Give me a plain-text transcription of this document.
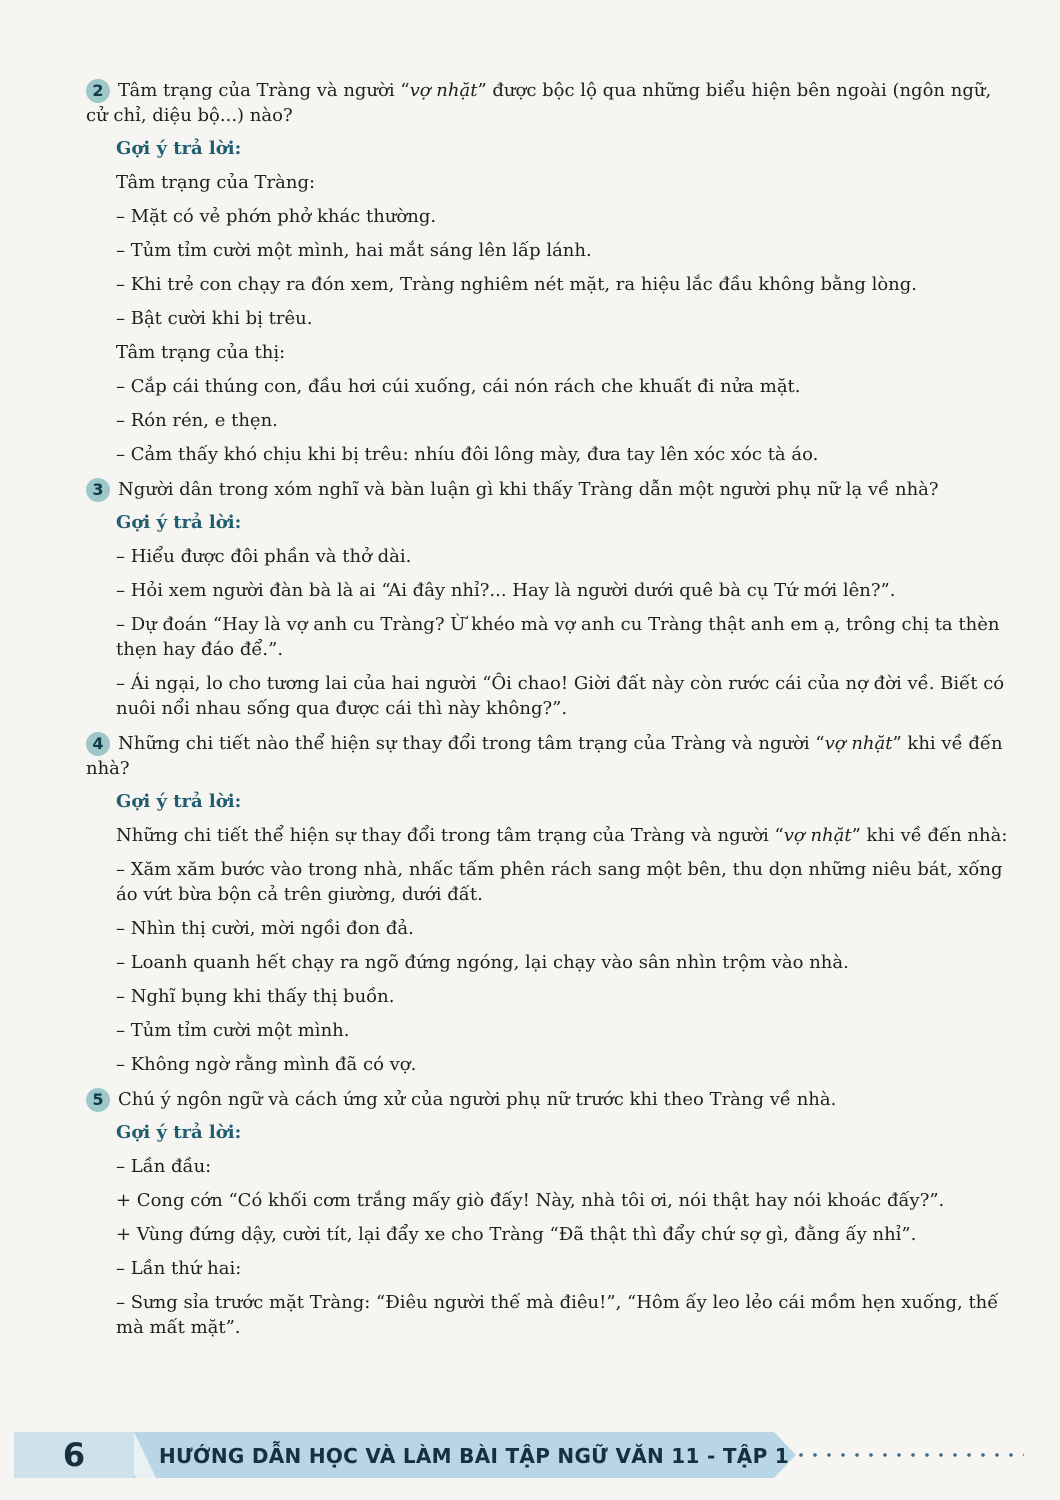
2 Tâm trạng của Tràng và người “vợ nhặt” được bộc lộ qua những biểu hiện bên ngoài (ngôn ngữ, cử chỉ, diệu bộ...) nào?
Gợi ý trả lời:
Tâm trạng của Tràng:
– Mặt có vẻ phớn phở khác thường.
– Tủm tỉm cười một mình, hai mắt sáng lên lấp lánh.
– Khi trẻ con chạy ra đón xem, Tràng nghiêm nét mặt, ra hiệu lắc đầu không bằng lòng.
– Bật cười khi bị trêu.
Tâm trạng của thị:
– Cắp cái thúng con, đầu hơi cúi xuống, cái nón rách che khuất đi nửa mặt.
– Rón rén, e thẹn.
– Cảm thấy khó chịu khi bị trêu: nhíu đôi lông mày, đưa tay lên xóc xóc tà áo.
3 Người dân trong xóm nghĩ và bàn luận gì khi thấy Tràng dẫn một người phụ nữ lạ về nhà?
Gợi ý trả lời:
– Hiểu được đôi phần và thở dài.
– Hỏi xem người đàn bà là ai “Ai đây nhỉ?... Hay là người dưới quê bà cụ Tứ mới lên?”.
– Dự đoán “Hay là vợ anh cu Tràng? Ừ khéo mà vợ anh cu Tràng thật anh em ạ, trông chị ta thèn thẹn hay đáo để.”.
– Ái ngại, lo cho tương lai của hai người “Ôi chao! Giời đất này còn rước cái của nợ đời về. Biết có nuôi nổi nhau sống qua được cái thì này không?”.
4 Những chi tiết nào thể hiện sự thay đổi trong tâm trạng của Tràng và người “vợ nhặt” khi về đến nhà?
Gợi ý trả lời:
Những chi tiết thể hiện sự thay đổi trong tâm trạng của Tràng và người “vợ nhặt” khi về đến nhà:
– Xăm xăm bước vào trong nhà, nhấc tấm phên rách sang một bên, thu dọn những niêu bát, xống áo vứt bừa bộn cả trên giường, dưới đất.
– Nhìn thị cười, mời ngồi đon đả.
– Loanh quanh hết chạy ra ngõ đứng ngóng, lại chạy vào sân nhìn trộm vào nhà.
– Nghĩ bụng khi thấy thị buồn.
– Tủm tỉm cười một mình.
– Không ngờ rằng mình đã có vợ.
5 Chú ý ngôn ngữ và cách ứng xử của người phụ nữ trước khi theo Tràng về nhà.
Gợi ý trả lời:
– Lần đầu:
+ Cong cớn “Có khối cơm trắng mấy giò đấy! Này, nhà tôi ơi, nói thật hay nói khoác đấy?”.
+ Vùng đứng dậy, cười tít, lại đẩy xe cho Tràng “Đã thật thì đẩy chứ sợ gì, đằng ấy nhỉ”.
– Lần thứ hai:
– Sưng sỉa trước mặt Tràng: “Điêu người thế mà điêu!”, “Hôm ấy leo lẻo cái mồm hẹn xuống, thế mà mất mặt”.
6	HƯỚNG DẪN HỌC VÀ LÀM BÀI TẬP NGỮ VĂN 11 - TẬP 1
